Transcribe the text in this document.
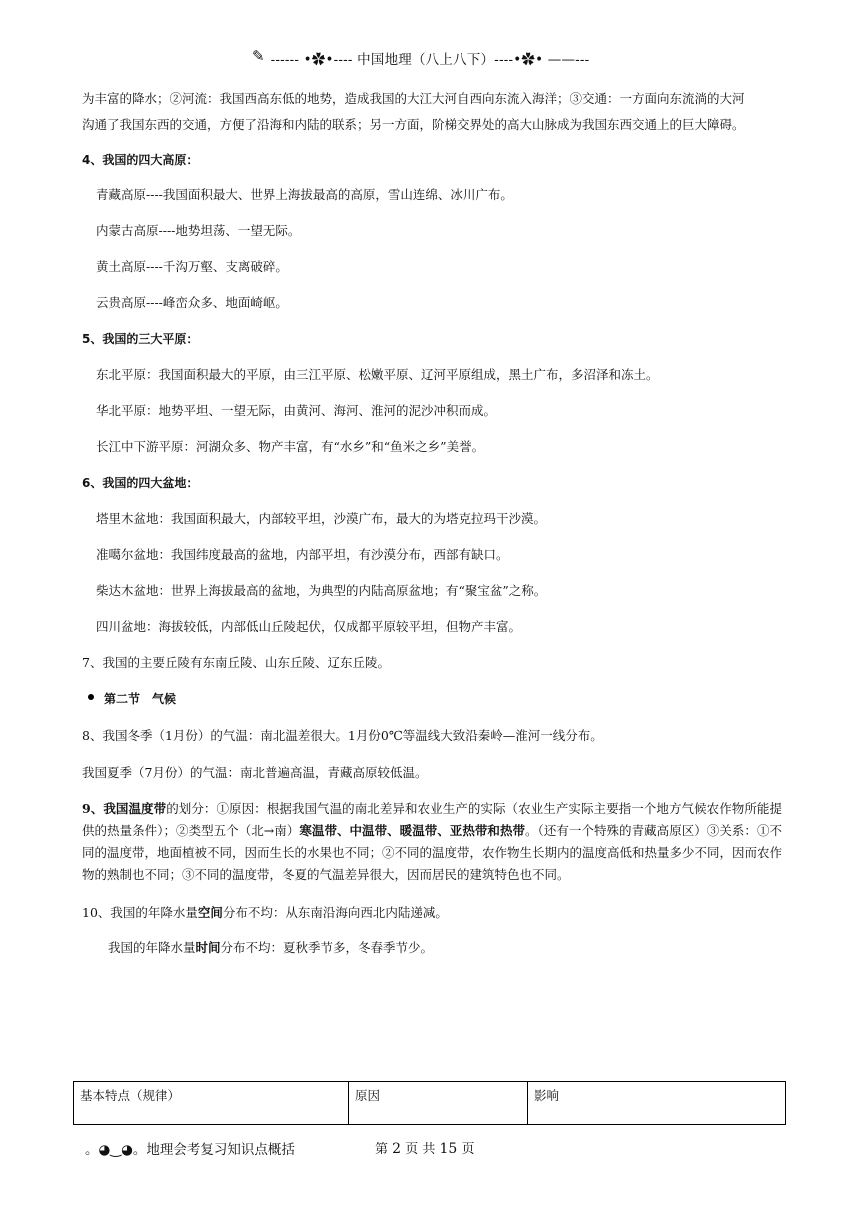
✎ ------ •✿•---- 中国地理（八上八下）----•✿• ——---
为丰富的降水；②河流：我国西高东低的地势，造成我国的大江大河自西向东流入海洋；③交通：一方面向东流淌的大河
沟通了我国东西的交通，方便了沿海和内陆的联系；另一方面，阶梯交界处的高大山脉成为我国东西交通上的巨大障碍。
4、我国的四大高原：
青藏高原----我国面积最大、世界上海拔最高的高原，雪山连绵、冰川广布。
内蒙古高原----地势坦荡、一望无际。
黄土高原----千沟万壑、支离破碎。
云贵高原----峰峦众多、地面崎岖。
5、我国的三大平原：
东北平原：我国面积最大的平原，由三江平原、松嫩平原、辽河平原组成，黑土广布，多沼泽和冻土。
华北平原：地势平坦、一望无际，由黄河、海河、淮河的泥沙冲积而成。
长江中下游平原：河湖众多、物产丰富，有“水乡”和“鱼米之乡”美誉。
6、我国的四大盆地：
塔里木盆地：我国面积最大，内部较平坦，沙漠广布，最大的为塔克拉玛干沙漠。
准噶尔盆地：我国纬度最高的盆地，内部平坦，有沙漠分布，西部有缺口。
柴达木盆地：世界上海拔最高的盆地，为典型的内陆高原盆地；有“聚宝盆”之称。
四川盆地：海拔较低，内部低山丘陵起伏，仅成都平原较平坦，但物产丰富。
7、我国的主要丘陵有东南丘陵、山东丘陵、辽东丘陵。
第二节　气候
8、我国冬季（1月份）的气温：南北温差很大。1月份0℃等温线大致沿秦岭—淮河一线分布。
我国夏季（7月份）的气温：南北普遍高温，青藏高原较低温。
9、我国温度带的划分：①原因：根据我国气温的南北差异和农业生产的实际（农业生产实际主要指一个地方气候农作物所能提供的热量条件）；②类型五个（北→南）寒温带、中温带、暖温带、亚热带和热带。（还有一个特殊的青藏高原区）③关系：①不同的温度带，地面植被不同，因而生长的水果也不同；②不同的温度带，农作物生长期内的温度高低和热量多少不同，因而农作物的熟制也不同；③不同的温度带，冬夏的气温差异很大，因而居民的建筑特色也不同。
10、我国的年降水量空间分布不均：从东南沿海向西北内陆递减。
我国的年降水量时间分布不均：夏秋季节多，冬春季节少。
基本特点（规律）	原因	影响
。◕‿◕。地理会考复习知识点概括	第 2 页 共 15 页
